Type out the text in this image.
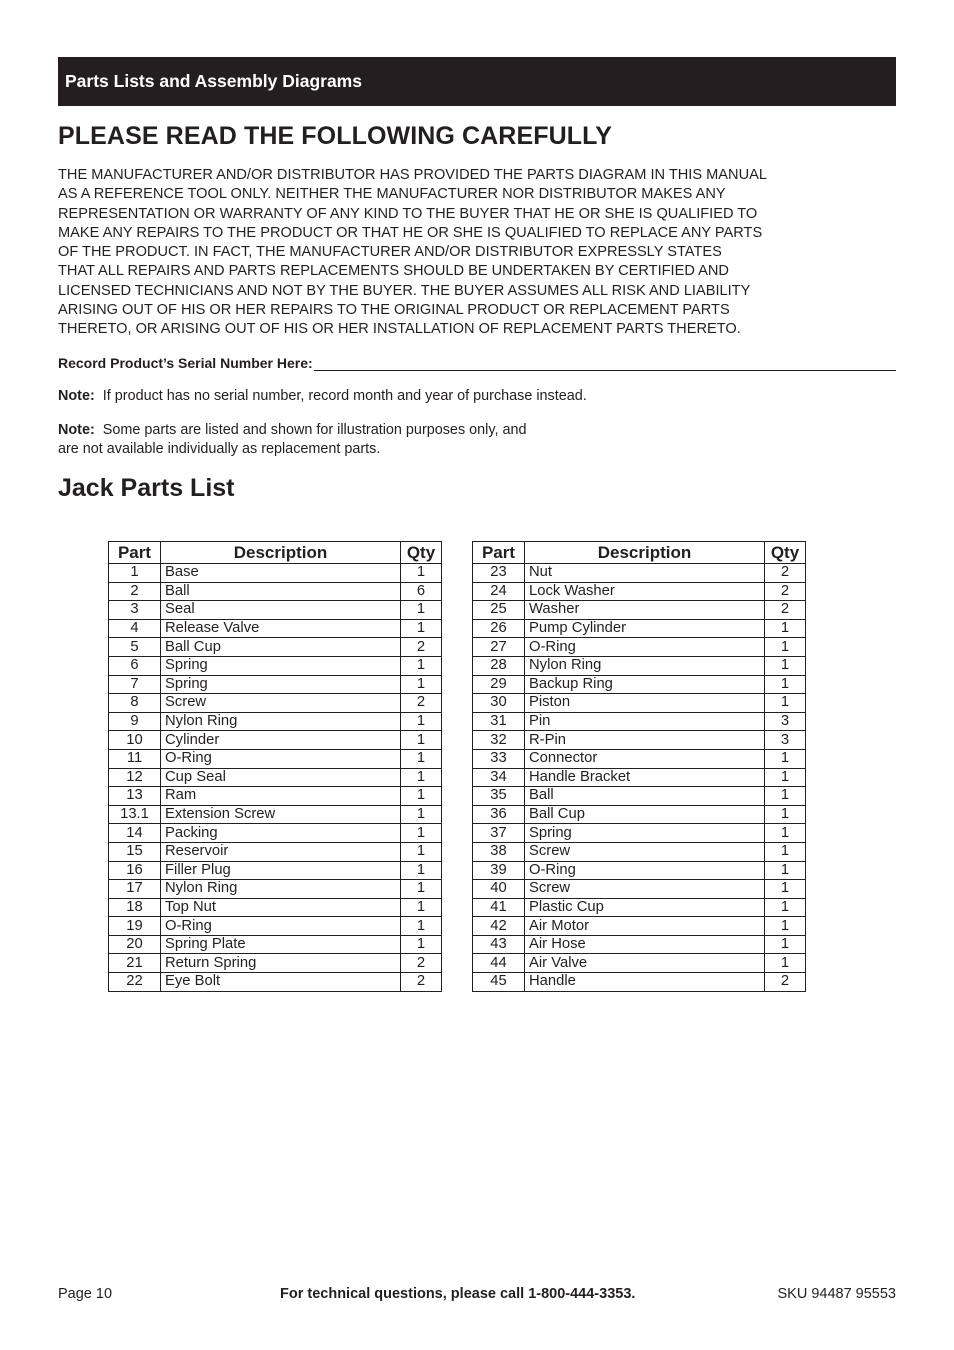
Parts Lists and Assembly Diagrams
PLEASE READ THE FOLLOWING CAREFULLY
THE MANUFACTURER AND/OR DISTRIBUTOR HAS PROVIDED THE PARTS DIAGRAM IN THIS MANUAL
AS A REFERENCE TOOL ONLY. NEITHER THE MANUFACTURER NOR DISTRIBUTOR MAKES ANY
REPRESENTATION OR WARRANTY OF ANY KIND TO THE BUYER THAT HE OR SHE IS QUALIFIED TO
MAKE ANY REPAIRS TO THE PRODUCT OR THAT HE OR SHE IS QUALIFIED TO REPLACE ANY PARTS
OF THE PRODUCT. IN FACT, THE MANUFACTURER AND/OR DISTRIBUTOR EXPRESSLY STATES
THAT ALL REPAIRS AND PARTS REPLACEMENTS SHOULD BE UNDERTAKEN BY CERTIFIED AND
LICENSED TECHNICIANS AND NOT BY THE BUYER. THE BUYER ASSUMES ALL RISK AND LIABILITY
ARISING OUT OF HIS OR HER REPAIRS TO THE ORIGINAL PRODUCT OR REPLACEMENT PARTS
THERETO, OR ARISING OUT OF HIS OR HER INSTALLATION OF REPLACEMENT PARTS THERETO.
Record Product’s Serial Number Here:
Note: If product has no serial number, record month and year of purchase instead.
Note: Some parts are listed and shown for illustration purposes only, and
are not available individually as replacement parts.
Jack Parts List
Part	Description	Qty
1	Base	1
2	Ball	6
3	Seal	1
4	Release Valve	1
5	Ball Cup	2
6	Spring	1
7	Spring	1
8	Screw	2
9	Nylon Ring	1
10	Cylinder	1
11	O-Ring	1
12	Cup Seal	1
13	Ram	1
13.1	Extension Screw	1
14	Packing	1
15	Reservoir	1
16	Filler Plug	1
17	Nylon Ring	1
18	Top Nut	1
19	O-Ring	1
20	Spring Plate	1
21	Return Spring	2
22	Eye Bolt	2
Part	Description	Qty
23	Nut	2
24	Lock Washer	2
25	Washer	2
26	Pump Cylinder	1
27	O-Ring	1
28	Nylon Ring	1
29	Backup Ring	1
30	Piston	1
31	Pin	3
32	R-Pin	3
33	Connector	1
34	Handle Bracket	1
35	Ball	1
36	Ball Cup	1
37	Spring	1
38	Screw	1
39	O-Ring	1
40	Screw	1
41	Plastic Cup	1
42	Air Motor	1
43	Air Hose	1
44	Air Valve	1
45	Handle	2
Page 10	For technical questions, please call 1-800-444-3353.	SKU 94487 95553
